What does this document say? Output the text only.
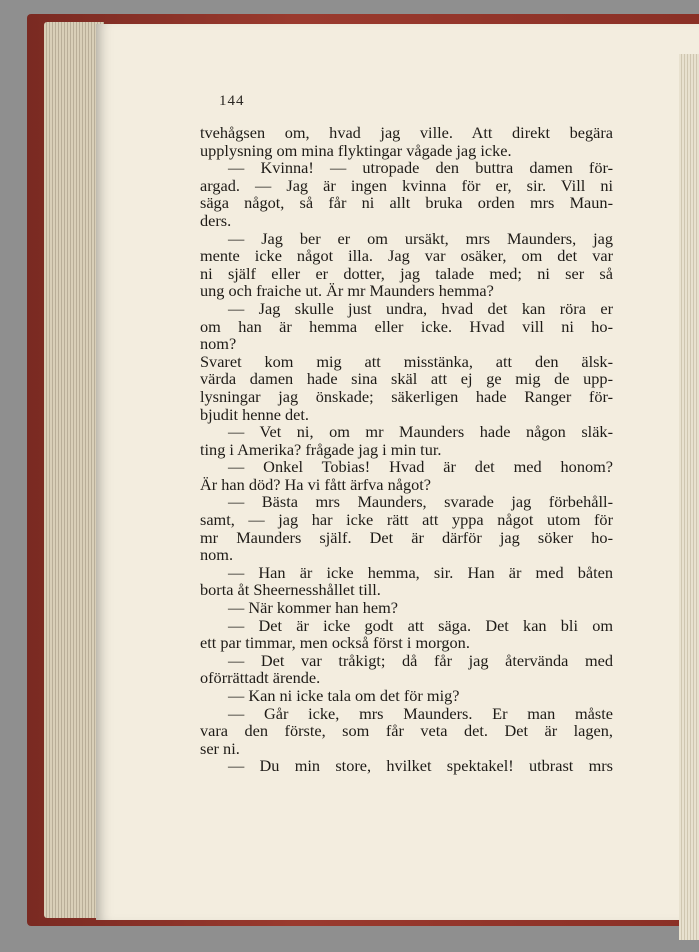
144
tvehågsen om, hvad jag ville. Att direkt begära
upplysning om mina flyktingar vågade jag icke.
— Kvinna! — utropade den buttra damen för-
argad. — Jag är ingen kvinna för er, sir. Vill ni
säga något, så får ni allt bruka orden mrs Maun-
ders.
— Jag ber er om ursäkt, mrs Maunders, jag
mente icke något illa. Jag var osäker, om det var
ni själf eller er dotter, jag talade med; ni ser så
ung och fraiche ut. Är mr Maunders hemma?
— Jag skulle just undra, hvad det kan röra er
om han är hemma eller icke. Hvad vill ni ho-
nom?
Svaret kom mig att misstänka, att den älsk-
värda damen hade sina skäl att ej ge mig de upp-
lysningar jag önskade; säkerligen hade Ranger för-
bjudit henne det.
— Vet ni, om mr Maunders hade någon släk-
ting i Amerika? frågade jag i min tur.
— Onkel Tobias! Hvad är det med honom?
Är han död? Ha vi fått ärfva något?
— Bästa mrs Maunders, svarade jag förbehåll-
samt, — jag har icke rätt att yppa något utom för
mr Maunders själf. Det är därför jag söker ho-
nom.
— Han är icke hemma, sir. Han är med båten
borta åt Sheernesshållet till.
— När kommer han hem?
— Det är icke godt att säga. Det kan bli om
ett par timmar, men också först i morgon.
— Det var tråkigt; då får jag återvända med
oförrättadt ärende.
— Kan ni icke tala om det för mig?
— Går icke, mrs Maunders. Er man måste
vara den förste, som får veta det. Det är lagen,
ser ni.
— Du min store, hvilket spektakel! utbrast mrs
